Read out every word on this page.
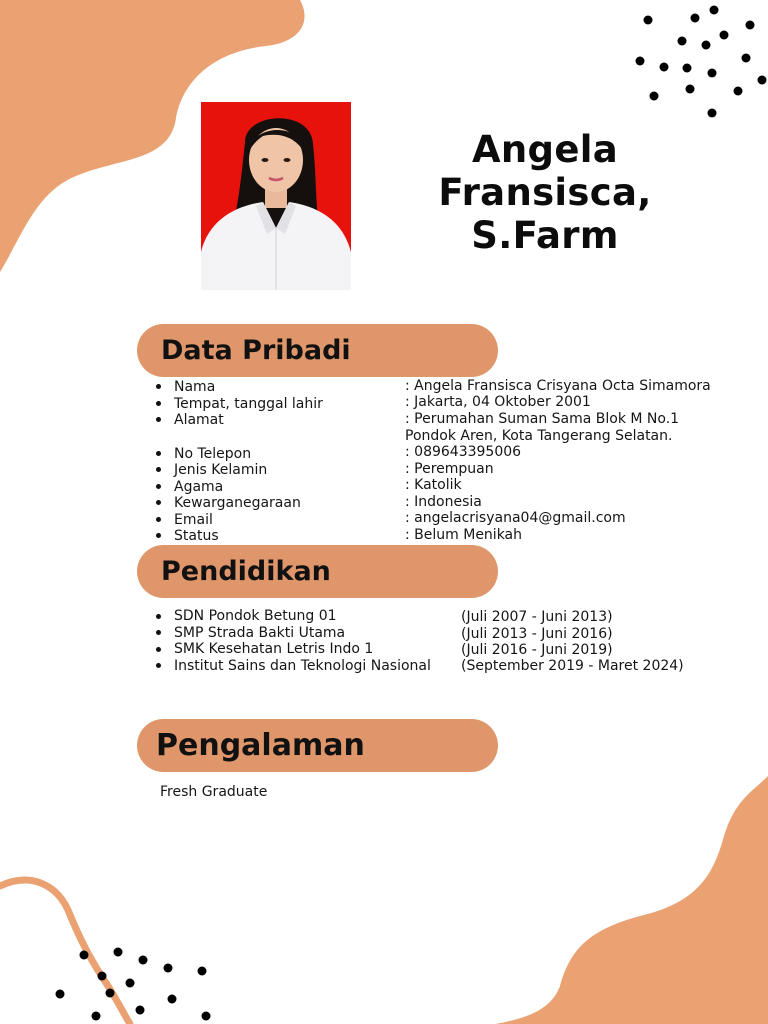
Angela Fransisca,
S.Farm
Data Pribadi
Nama	: Angela Fransisca Crisyana Octa Simamora
Tempat, tanggal lahir	: Jakarta, 04 Oktober 2001
Alamat	: Perumahan Suman Sama Blok M No.1
Pondok Aren, Kota Tangerang Selatan.
No Telepon	: 089643395006
Jenis Kelamin	: Perempuan
Agama	: Katolik
Kewarganegaraan	: Indonesia
Email	: angelacrisyana04@gmail.com
Status	: Belum Menikah
Pendidikan
SDN Pondok Betung 01	(Juli 2007 - Juni 2013)
SMP Strada Bakti Utama	(Juli 2013 - Juni 2016)
SMK Kesehatan Letris Indo 1	(Juli 2016 - Juni 2019)
Institut Sains dan Teknologi Nasional (September 2019 - Maret 2024)
Pengalaman
Fresh Graduate
